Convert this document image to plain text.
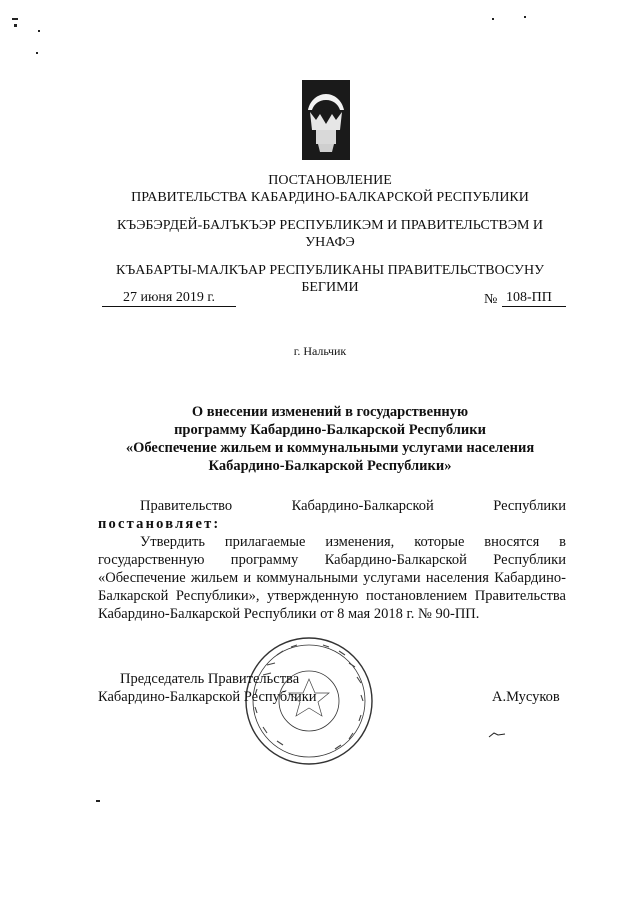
ПОСТАНОВЛЕНИЕ
ПРАВИТЕЛЬСТВА КАБАРДИНО-БАЛКАРСКОЙ РЕСПУБЛИКИ
КЪЭБЭРДЕЙ-БАЛЪКЪЭР РЕСПУБЛИКЭМ И ПРАВИТЕЛЬСТВЭМ И
УНАФЭ
КЪАБАРТЫ-МАЛКЪАР РЕСПУБЛИКАНЫ ПРАВИТЕЛЬСТВОСУНУ
БЕГИМИ
27 июня 2019 г.	№ 108-ПП
г. Нальчик
О внесении изменений в государственную
программу Кабардино-Балкарской Республики
«Обеспечение жильем и коммунальными услугами населения
Кабардино-Балкарской Республики»
Правительство	Кабардино-Балкарской	Республики
постановляет:
Утвердить прилагаемые изменения, которые вносятся в государственную программу Кабардино-Балкарской Республики «Обеспечение жильем и коммунальными услугами населения Кабардино-Балкарской Республики», утвержденную постановлением Правительства Кабардино-Балкарской Республики от 8 мая 2018 г. № 90-ПП.
Председатель Правительства
Кабардино-Балкарской Республики	А.Мусуков
